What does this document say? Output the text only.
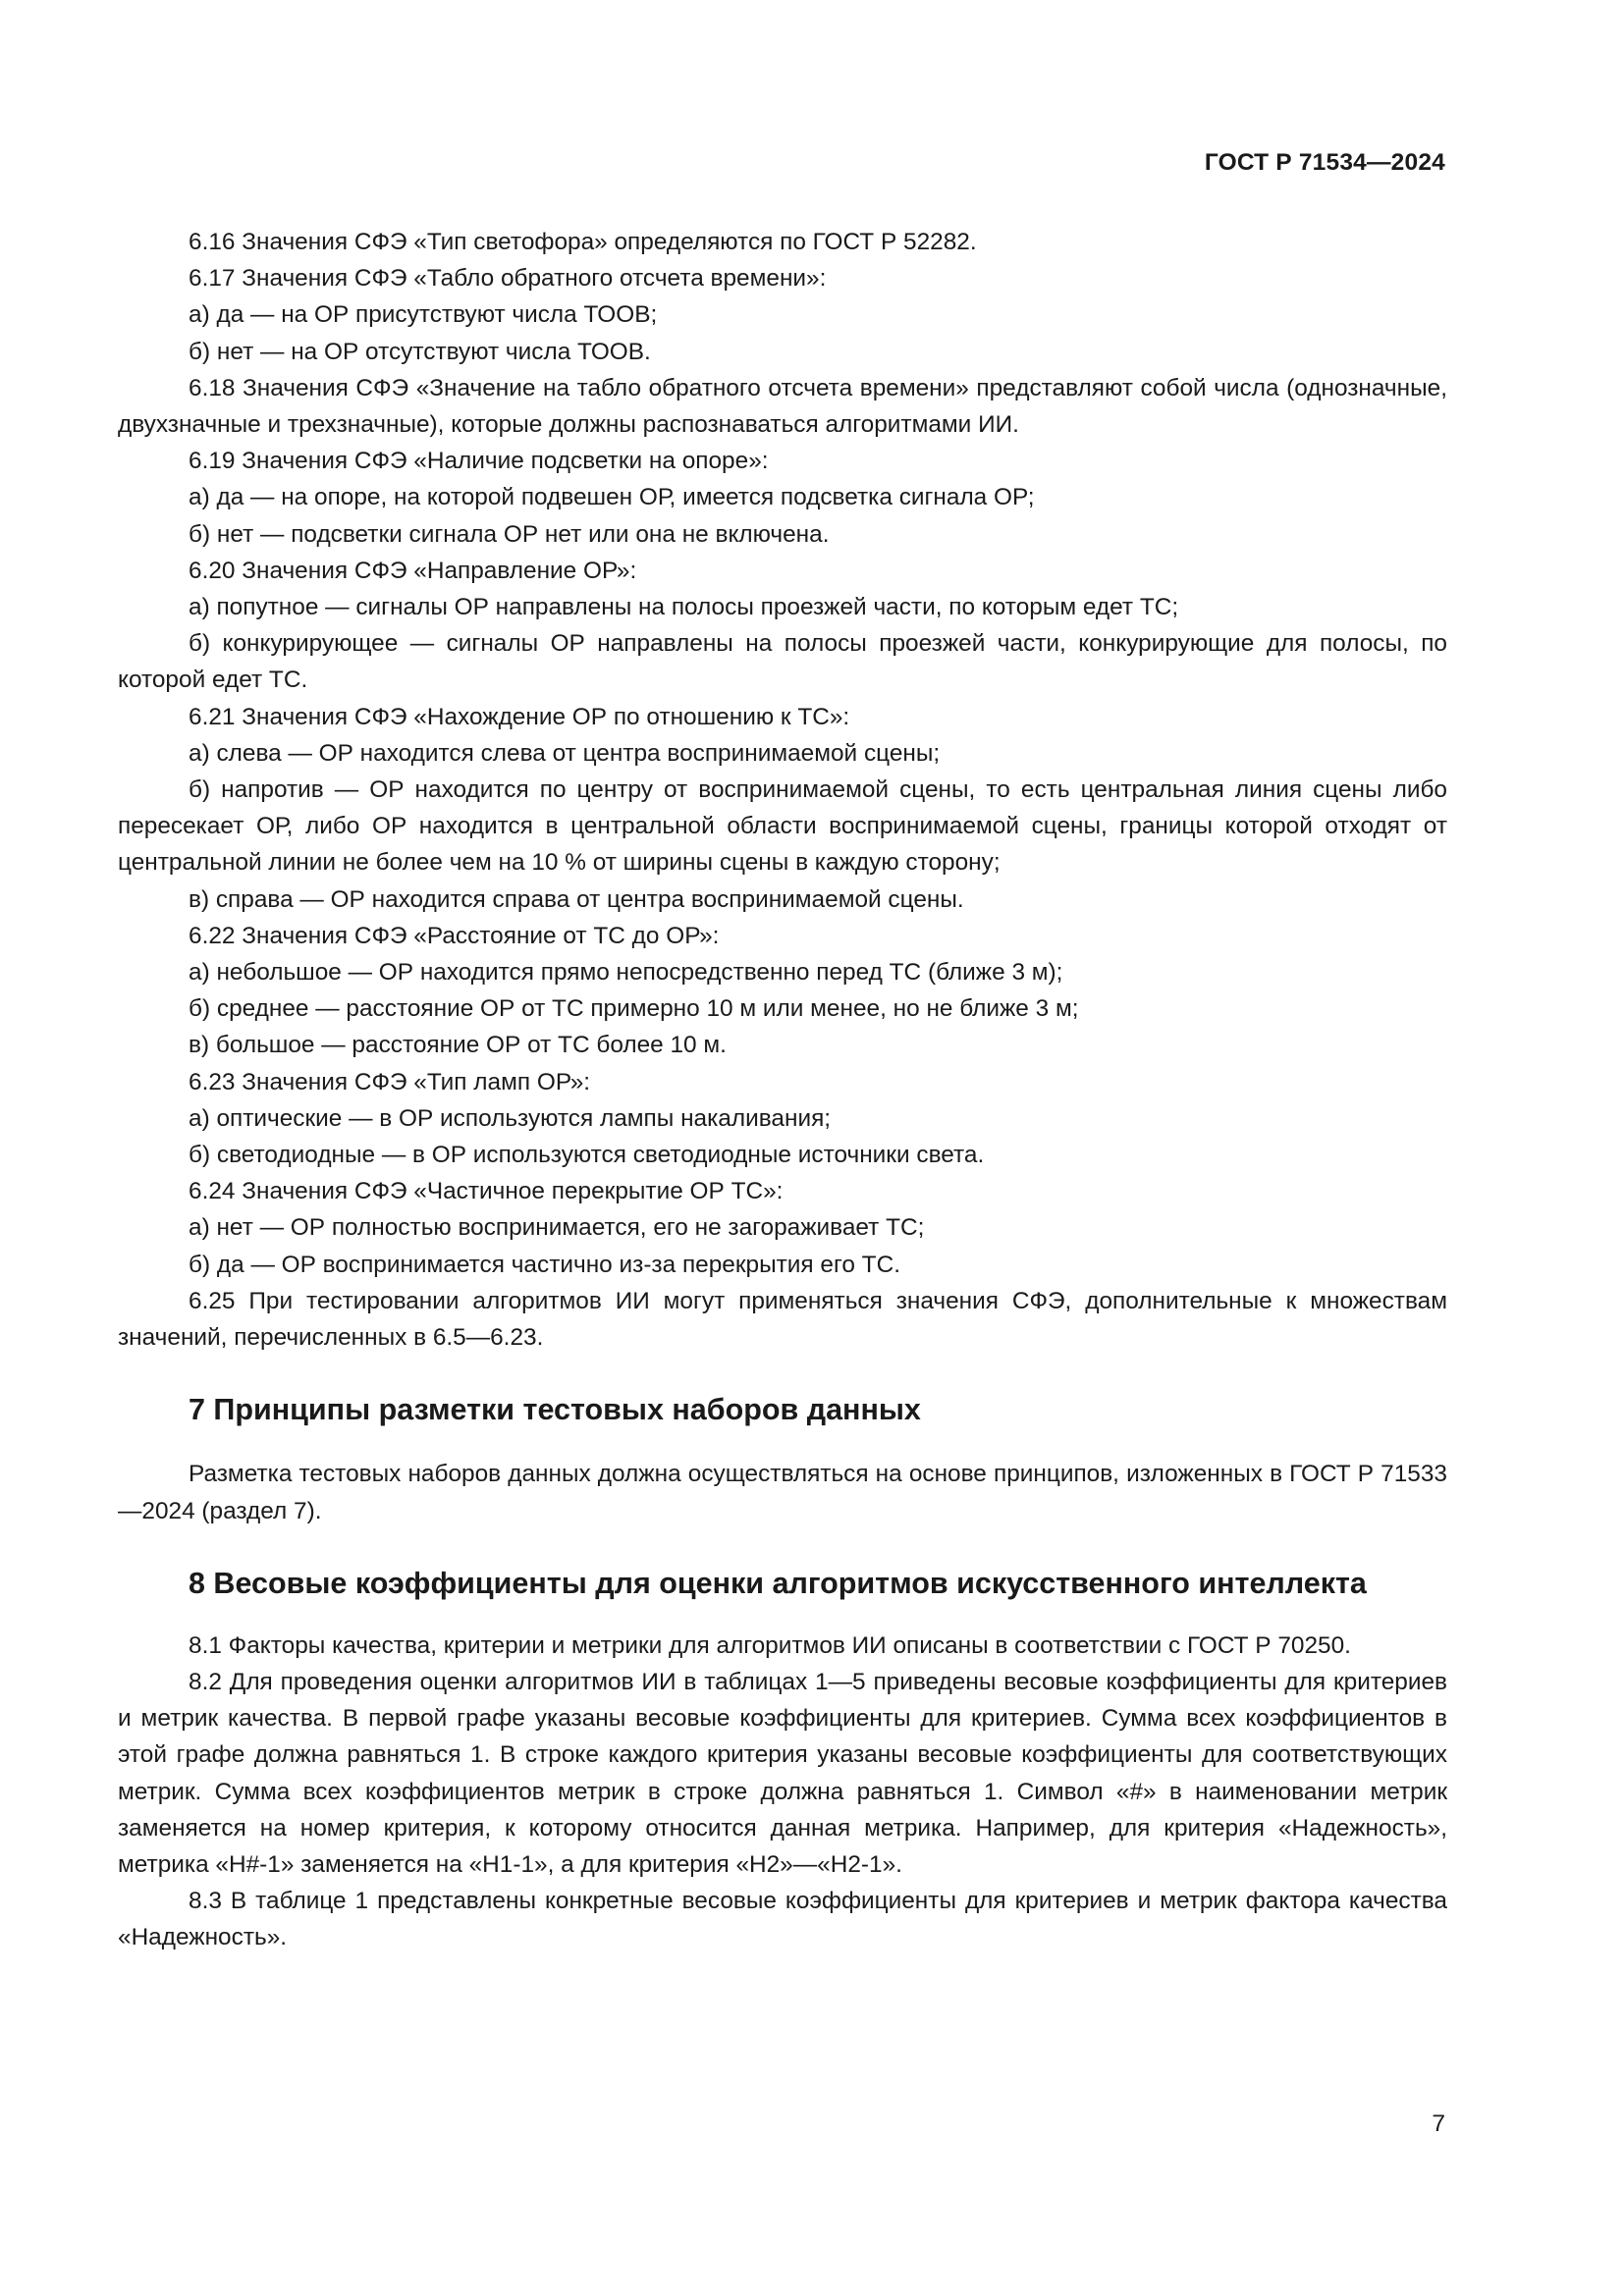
ГОСТ Р 71534—2024

6.16 Значения СФЭ «Тип светофора» определяются по ГОСТ Р 52282.

6.17 Значения СФЭ «Табло обратного отсчета времени»:

а) да — на ОР присутствуют числа ТООВ;

б) нет — на ОР отсутствуют числа ТООВ.

6.18 Значения СФЭ «Значение на табло обратного отсчета времени» представляют собой числа (однозначные, двухзначные и трехзначные), которые должны распознаваться алгоритмами ИИ.

6.19 Значения СФЭ «Наличие подсветки на опоре»:

а) да — на опоре, на которой подвешен ОР, имеется подсветка сигнала ОР;

б) нет — подсветки сигнала ОР нет или она не включена.

6.20 Значения СФЭ «Направление ОР»:

а) попутное — сигналы ОР направлены на полосы проезжей части, по которым едет ТС;

б) конкурирующее — сигналы ОР направлены на полосы проезжей части, конкурирующие для полосы, по которой едет ТС.

6.21 Значения СФЭ «Нахождение ОР по отношению к ТС»:

а) слева — ОР находится слева от центра воспринимаемой сцены;

б) напротив — ОР находится по центру от воспринимаемой сцены, то есть центральная линия сцены либо пересекает ОР, либо ОР находится в центральной области воспринимаемой сцены, границы которой отходят от центральной линии не более чем на 10 % от ширины сцены в каждую сторону;

в) справа — ОР находится справа от центра воспринимаемой сцены.

6.22 Значения СФЭ «Расстояние от ТС до ОР»:

а) небольшое — ОР находится прямо непосредственно перед ТС (ближе 3 м);

б) среднее — расстояние ОР от ТС примерно 10 м или менее, но не ближе 3 м;

в) большое — расстояние ОР от ТС более 10 м.

6.23 Значения СФЭ «Тип ламп ОР»:

а) оптические — в ОР используются лампы накаливания;

б) светодиодные — в ОР используются светодиодные источники света.

6.24 Значения СФЭ «Частичное перекрытие ОР ТС»:

а) нет — ОР полностью воспринимается, его не загораживает ТС;

б) да — ОР воспринимается частично из-за перекрытия его ТС.

6.25 При тестировании алгоритмов ИИ могут применяться значения СФЭ, дополнительные к множествам значений, перечисленных в 6.5—6.23.

7 Принципы разметки тестовых наборов данных

Разметка тестовых наборов данных должна осуществляться на основе принципов, изложенных в ГОСТ Р 71533—2024 (раздел 7).

8 Весовые коэффициенты для оценки алгоритмов искусственного интеллекта

8.1 Факторы качества, критерии и метрики для алгоритмов ИИ описаны в соответствии с ГОСТ Р 70250.

8.2 Для проведения оценки алгоритмов ИИ в таблицах 1—5 приведены весовые коэффициенты для критериев и метрик качества. В первой графе указаны весовые коэффициенты для критериев. Сумма всех коэффициентов в этой графе должна равняться 1. В строке каждого критерия указаны весовые коэффициенты для соответствующих метрик. Сумма всех коэффициентов метрик в строке должна равняться 1. Символ «#» в наименовании метрик заменяется на номер критерия, к которому относится данная метрика. Например, для критерия «Надежность», метрика «Н#-1» заменяется на «Н1-1», а для критерия «Н2»—«Н2-1».

8.3 В таблице 1 представлены конкретные весовые коэффициенты для критериев и метрик фактора качества «Надежность».

7
